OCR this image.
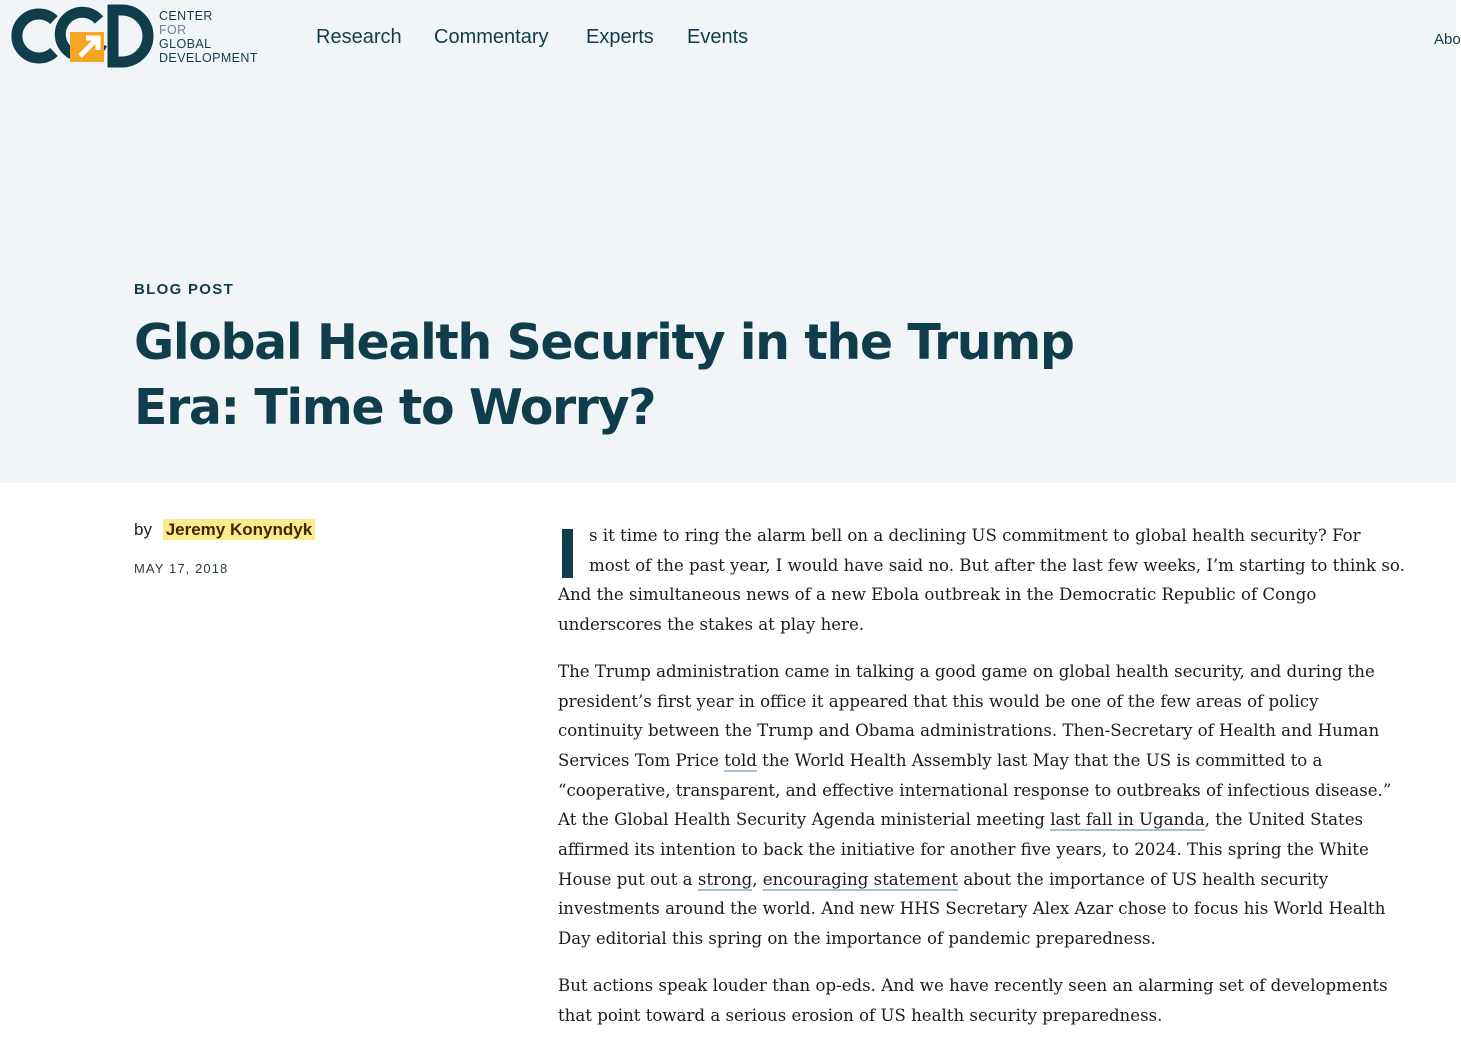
CENTER
FOR
GLOBAL
DEVELOPMENT
Research Commentary Experts Events	Abo
BLOG POST
Global Health Security in the Trump Era: Time to Worry?
by Jeremy Konyndyk
MAY 17, 2018

s it time to ring the alarm bell on a declining US commitment to global health security? For most of the past year, I would have said no. But after the last few weeks, I’m starting to think so. And the simultaneous news of a new Ebola outbreak in the Democratic Republic of Congo underscores the stakes at play here.

The Trump administration came in talking a good game on global health security, and during the president’s first year in office it appeared that this would be one of the few areas of policy continuity between the Trump and Obama administrations. Then-Secretary of Health and Human Services Tom Price told the World Health Assembly last May that the US is committed to a “cooperative, transparent, and effective international response to outbreaks of infectious disease.” At the Global Health Security Agenda ministerial meeting last fall in Uganda, the United States affirmed its intention to back the initiative for another five years, to 2024. This spring the White House put out a strong, encouraging statement about the importance of US health security investments around the world. And new HHS Secretary Alex Azar chose to focus his World Health Day editorial this spring on the importance of pandemic preparedness.

But actions speak louder than op-eds. And we have recently seen an alarming set of developments that point toward a serious erosion of US health security preparedness.
